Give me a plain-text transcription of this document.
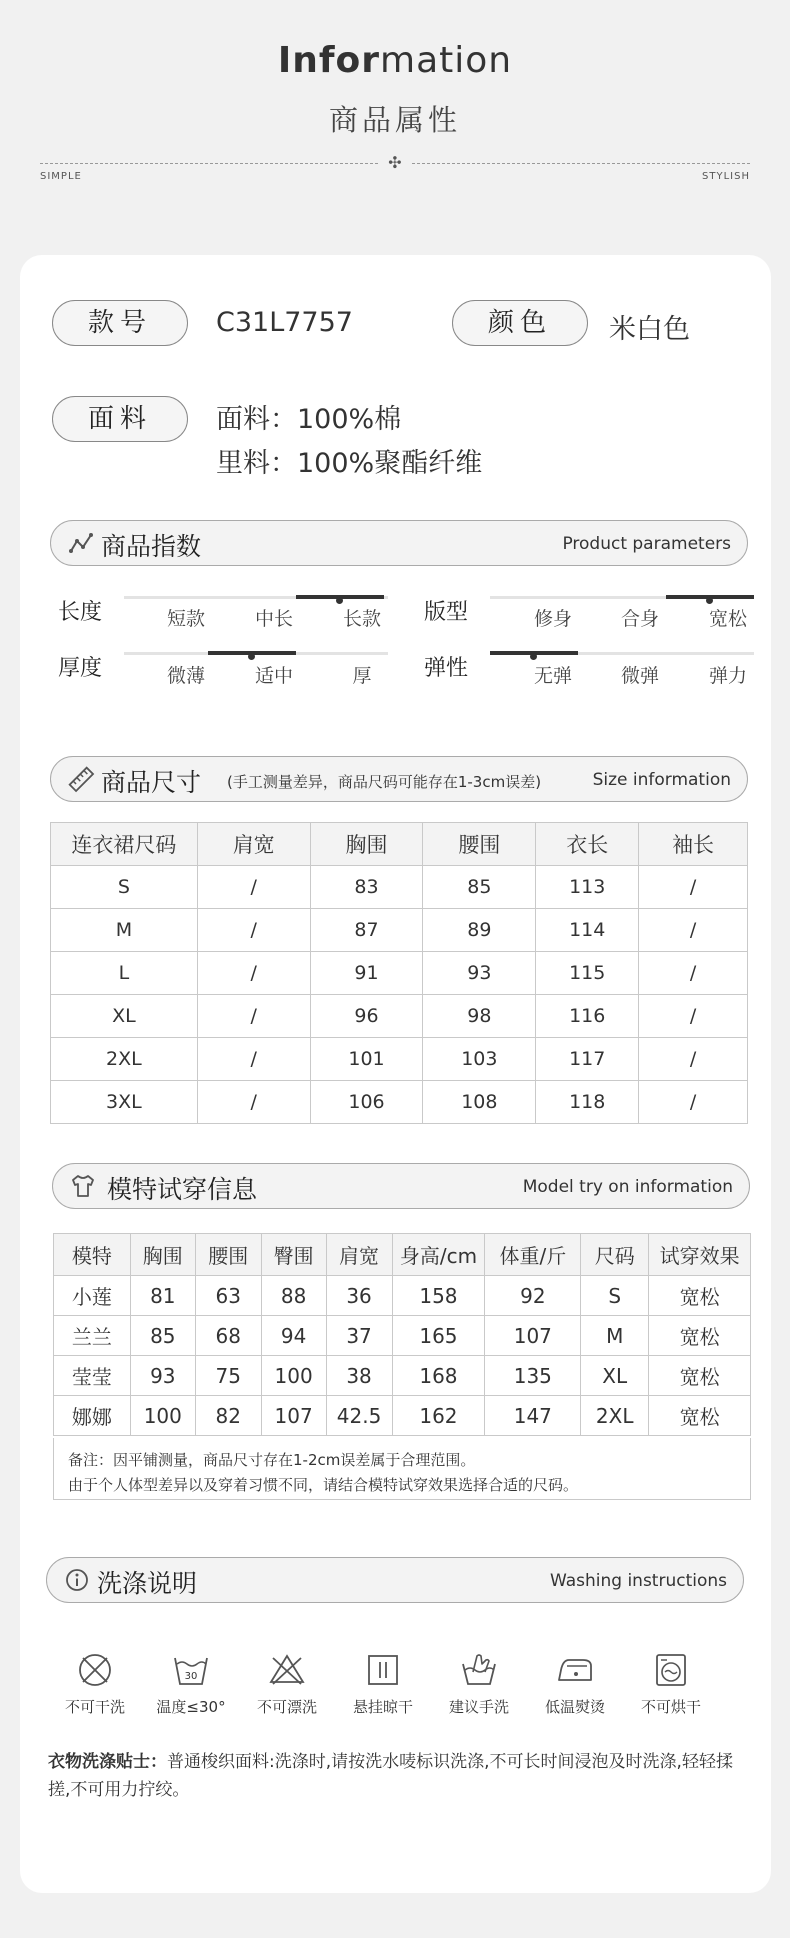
Information
商品属性
✣
SIMPLE	STYLISH
款号	C31L7757	颜色	米白色
面料	面料：100%棉
里料：100%聚酯纤维
商品指数	Product parameters
长度	短款	中长	长款	版型	修身	合身	宽松
厚度	微薄	适中	厚	弹性	无弹	微弹	弹力
商品尺寸 (手工测量差异，商品尺码可能存在1-3cm误差)	Size information
连衣裙尺码	肩宽	胸围	腰围	衣长	袖长
S	/	83	85	113	/
M	/	87	89	114	/
L	/	91	93	115	/
XL	/	96	98	116	/
2XL	/	101	103	117	/
3XL	/	106	108	118	/
模特试穿信息	Model try on information
模特	胸围	腰围	臀围	肩宽	身高/cm	体重/斤	尺码	试穿效果
小莲	81	63	88	36	158	92	S	宽松
兰兰	85	68	94	37	165	107	M	宽松
莹莹	93	75	100	38	168	135	XL	宽松
娜娜	100	82	107	42.5	162	147	2XL	宽松
备注：因平铺测量，商品尺寸存在1-2cm误差属于合理范围。
由于个人体型差异以及穿着习惯不同，请结合模特试穿效果选择合适的尺码。
洗涤说明	Washing instructions
不可干洗
30
温度≤30°	不可漂洗	悬挂晾干	建议手洗	低温熨烫	不可烘干
衣物洗涤贴士：普通梭织面料:洗涤时,请按洗水唛标识洗涤,不可长时间浸泡及时洗涤,轻轻揉搓,不可用力拧绞。
